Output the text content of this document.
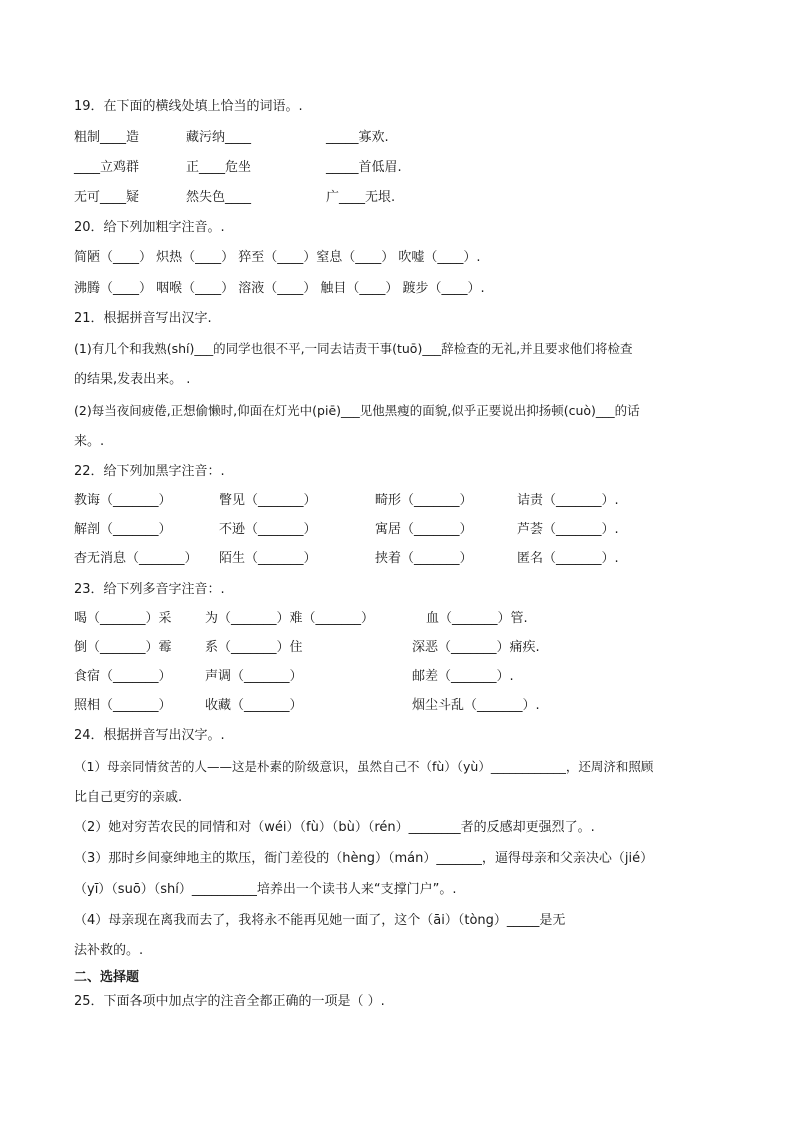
19．在下面的横线处填上恰当的词语。.
粗制____造	藏污纳____	_____寡欢.
____立鸡群	正____危坐	_____首低眉.
无可____疑	然失色____	广____无垠.
20．给下列加粗字注音。.
简陋（____） 炽热（____） 猝至（____）窒息（____） 吹嘘（____）.
沸腾（____） 咽喉（____） 溶液（____） 触目（____） 踱步（____）.
21．根据拼音写出汉字.
(1)有几个和我熟(shí)___的同学也很不平,一同去诘责干事(tuō)___辞检查的无礼,并且要求他们将检查
的结果,发表出来。 .
(2)每当夜间疲倦,正想偷懒时,仰面在灯光中(piē)___见他黑瘦的面貌,似乎正要说出抑扬顿(cuò)___的话
来。.
22．给下列加黑字注音：.
教诲（_______）	瞥见（_______）	畸形（_______）	诘责（_______）.
解剖（_______）	不逊（_______）	寓居（_______）	芦荟（_______）.
杳无消息（_______） 陌生（_______）	挟着（_______）	匿名（_______）.
23．给下列多音字注音：.
喝（_______）采	为（_______）难（_______）	血（_______）管.
倒（_______）霉	系（_______）住	深恶（_______）痛疾.
食宿（_______）	声调（_______）	邮差（_______）.
照相（_______）	收藏（_______）	烟尘斗乱（_______）.
24．根据拼音写出汉字。.
（1）母亲同情贫苦的人——这是朴素的阶级意识，虽然自己不（fù）（yù）____________，还周济和照顾
比自己更穷的亲戚.
（2）她对穷苦农民的同情和对（wéi）（fù）（bù）（rén）________者的反感却更强烈了。.
（3）那时乡间豪绅地主的欺压，衙门差役的（hèng）（mán）_______，逼得母亲和父亲决心（jié）
（yī）（suō）（shí）__________培养出一个读书人来“支撑门户”。.
（4）母亲现在离我而去了，我将永不能再见她一面了，这个（āi）（tòng）_____是无
法补救的。.
二、选择题
25．下面各项中加点字的注音全都正确的一项是（ ）.
